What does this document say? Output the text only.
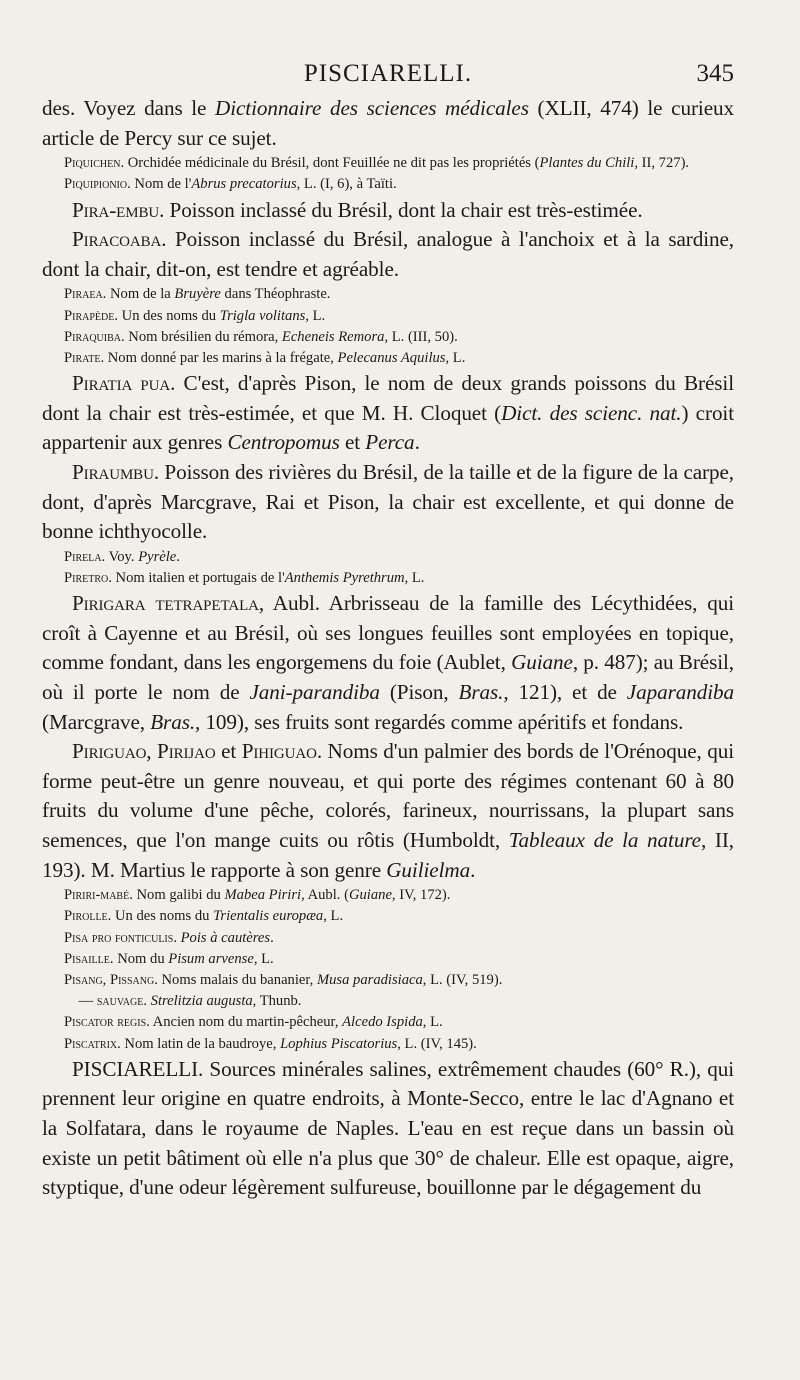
PISCIARELLI.	345

des. Voyez dans le Dictionnaire des sciences médicales (XLII, 474) le curieux article de Percy sur ce sujet.

Piquichen. Orchidée médicinale du Brésil, dont Feuillée ne dit pas les propriétés (Plantes du Chili, II, 727).

Piquipionio. Nom de l'Abrus precatorius, L. (I, 6), à Taïti.

Pira-embu. Poisson inclassé du Brésil, dont la chair est très-estimée.

Piracoaba. Poisson inclassé du Brésil, analogue à l'anchoix et à la sardine, dont la chair, dit-on, est tendre et agréable.

Piraea. Nom de la Bruyère dans Théophraste.

Pirapède. Un des noms du Trigla volitans, L.

Piraquiba. Nom brésilien du rémora, Echeneis Remora, L. (III, 50).

Pirate. Nom donné par les marins à la frégate, Pelecanus Aquilus, L.

Piratia pua. C'est, d'après Pison, le nom de deux grands poissons du Brésil dont la chair est très-estimée, et que M. H. Cloquet (Dict. des scienc. nat.) croit appartenir aux genres Centropomus et Perca.

Piraumbu. Poisson des rivières du Brésil, de la taille et de la figure de la carpe, dont, d'après Marcgrave, Rai et Pison, la chair est excellente, et qui donne de bonne ichthyocolle.

Pirela. Voy. Pyrèle.

Piretro. Nom italien et portugais de l'Anthemis Pyrethrum, L.

Pirigara tetrapetala, Aubl. Arbrisseau de la famille des Lécythidées, qui croît à Cayenne et au Brésil, où ses longues feuilles sont employées en topique, comme fondant, dans les engorgemens du foie (Aublet, Guiane, p. 487); au Brésil, où il porte le nom de Jani-parandiba (Pison, Bras., 121), et de Japarandiba (Marcgrave, Bras., 109), ses fruits sont regardés comme apéritifs et fondans.

Piriguao, Pirijao et Pihiguao. Noms d'un palmier des bords de l'Orénoque, qui forme peut-être un genre nouveau, et qui porte des régimes contenant 60 à 80 fruits du volume d'une pêche, colorés, farineux, nourrissans, la plupart sans semences, que l'on mange cuits ou rôtis (Humboldt, Tableaux de la nature, II, 193). M. Martius le rapporte à son genre Guilielma.

Piriri-mabé. Nom galibi du Mabea Piriri, Aubl. (Guiane, IV, 172).

Pirolle. Un des noms du Trientalis europæa, L.

Pisa pro fonticulis. Pois à cautères.

Pisaille. Nom du Pisum arvense, L.

Pisang, Pissang. Noms malais du bananier, Musa paradisiaca, L. (IV, 519).

 — sauvage. Strelitzia augusta, Thunb.

Piscator regis. Ancien nom du martin-pêcheur, Alcedo Ispida, L.

Piscatrix. Nom latin de la baudroye, Lophius Piscatorius, L. (IV, 145).

PISCIARELLI. Sources minérales salines, extrêmement chaudes (60° R.), qui prennent leur origine en quatre endroits, à Monte-Secco, entre le lac d'Agnano et la Solfatara, dans le royaume de Naples. L'eau en est reçue dans un bassin où existe un petit bâtiment où elle n'a plus que 30° de chaleur. Elle est opaque, aigre, styptique, d'une odeur légèrement sulfureuse, bouillonne par le dégagement du
